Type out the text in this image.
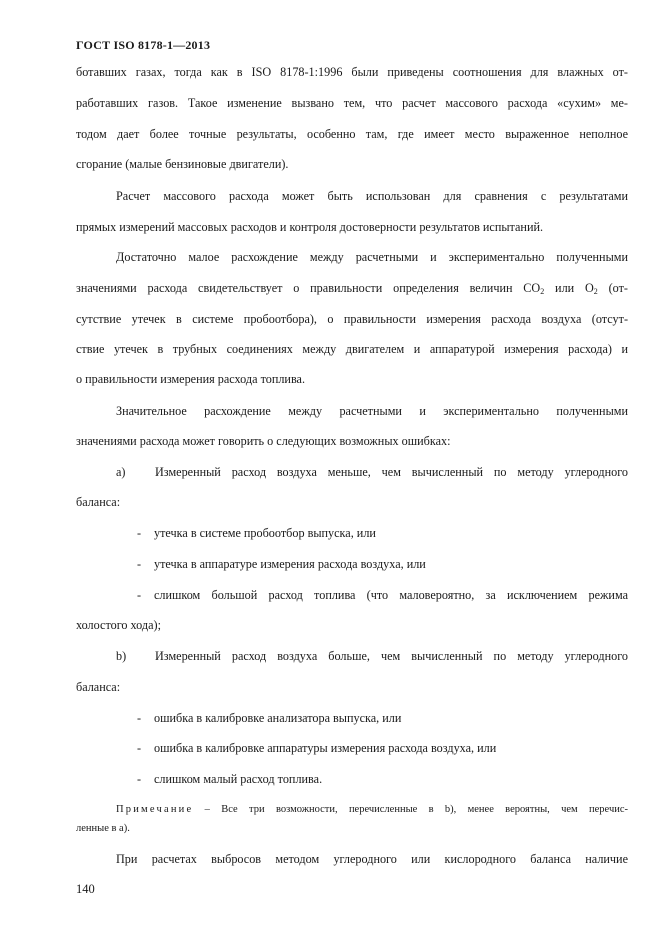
ГОСТ ISO 8178-1—2013
ботавших газах, тогда как в ISO 8178-1:1996 были приведены соотношения для влажных от-
работавших газов. Такое изменение вызвано тем, что расчет массового расхода «сухим» ме-
тодом дает более точные результаты, особенно там, где имеет место выраженное неполное
сгорание (малые бензиновые двигатели).
Расчет массового расхода может быть использован для сравнения с результатами
прямых измерений массовых расходов и контроля достоверности результатов испытаний.
Достаточно малое расхождение между расчетными и экспериментально полученными
значениями расхода свидетельствует о правильности определения величин $CO_2$ или $O_2$ (от-
сутствие утечек в системе пробоотбора), о правильности измерения расхода воздуха (отсут-
ствие утечек в трубных соединениях между двигателем и аппаратурой измерения расхода) и
о правильности измерения расхода топлива.
Значительное расхождение между расчетными и экспериментально полученными
значениями расхода может говорить о следующих возможных ошибках:
a) Измеренный расход воздуха меньше, чем вычисленный по методу углеродного
баланса:
- утечка в системе пробоотбор выпуска, или
- утечка в аппаратуре измерения расхода воздуха, или
- слишком большой расход топлива (что маловероятно, за исключением режима
холостого хода);
b) Измеренный расход воздуха больше, чем вычисленный по методу углеродного
баланса:
- ошибка в калибровке анализатора выпуска, или
- ошибка в калибровке аппаратуры измерения расхода воздуха, или
- слишком малый расход топлива.
Примечание – Все три возможности, перечисленные в b), менее вероятны, чем перечис-
ленные в а).
При расчетах выбросов методом углеродного или кислородного баланса наличие
140
